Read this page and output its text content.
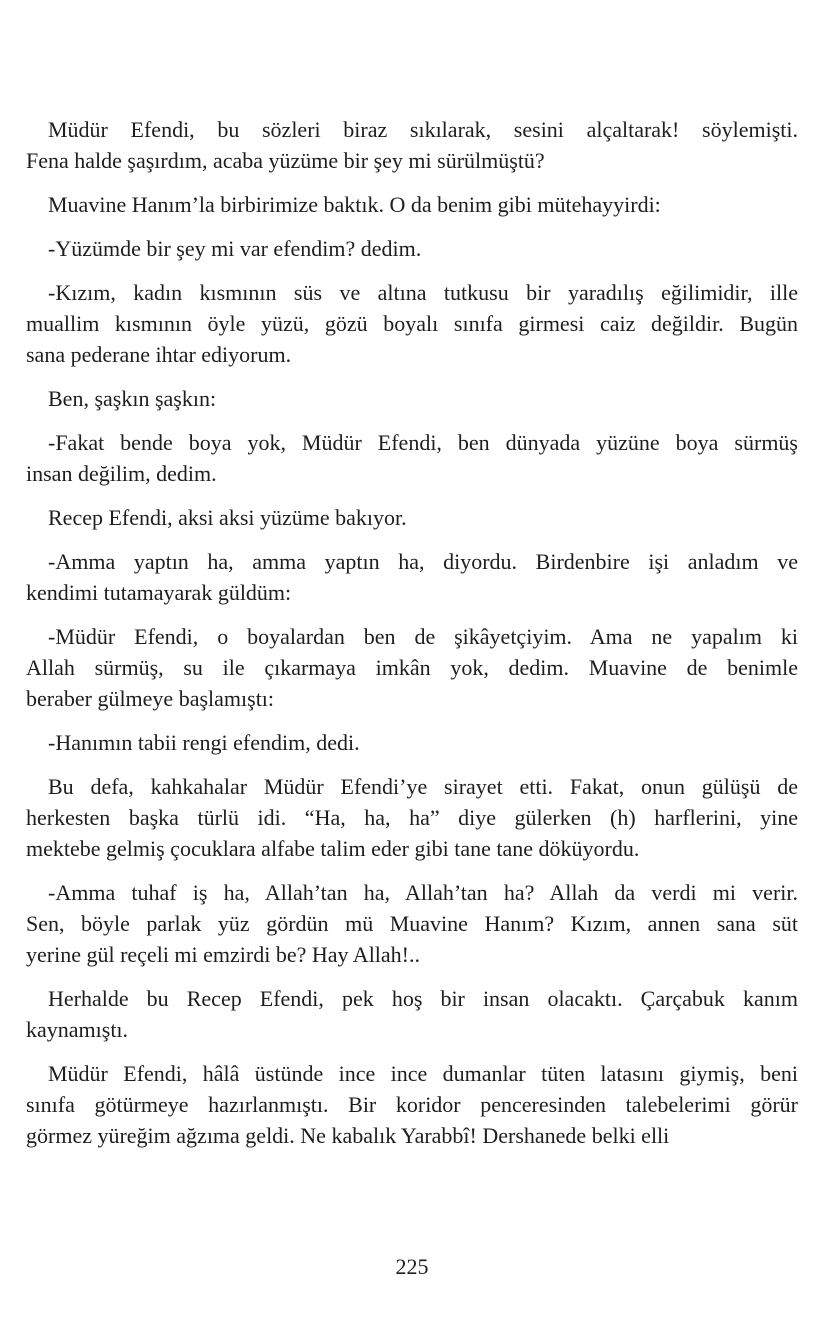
Müdür Efendi, bu sözleri biraz sıkılarak, sesini alçaltarak! söylemişti.
Fena halde şaşırdım, acaba yüzüme bir şey mi sürülmüştü?
Muavine Hanım’la birbirimize baktık. O da benim gibi mütehayyirdi:
-Yüzümde bir şey mi var efendim? dedim.
-Kızım, kadın kısmının süs ve altına tutkusu bir yaradılış eğilimidir, ille
muallim kısmının öyle yüzü, gözü boyalı sınıfa girmesi caiz değildir. Bugün
sana pederane ihtar ediyorum.
Ben, şaşkın şaşkın:
-Fakat bende boya yok, Müdür Efendi, ben dünyada yüzüne boya sürmüş
insan değilim, dedim.
Recep Efendi, aksi aksi yüzüme bakıyor.
-Amma yaptın ha, amma yaptın ha, diyordu. Birdenbire işi anladım ve
kendimi tutamayarak güldüm:
-Müdür Efendi, o boyalardan ben de şikâyetçiyim. Ama ne yapalım ki
Allah sürmüş, su ile çıkarmaya imkân yok, dedim. Muavine de benimle
beraber gülmeye başlamıştı:
-Hanımın tabii rengi efendim, dedi.
Bu defa, kahkahalar Müdür Efendi’ye sirayet etti. Fakat, onun gülüşü de
herkesten başka türlü idi. “Ha, ha, ha” diye gülerken (h) harflerini, yine
mektebe gelmiş çocuklara alfabe talim eder gibi tane tane döküyordu.
-Amma tuhaf iş ha, Allah’tan ha, Allah’tan ha? Allah da verdi mi verir.
Sen, böyle parlak yüz gördün mü Muavine Hanım? Kızım, annen sana süt
yerine gül reçeli mi emzirdi be? Hay Allah!..
Herhalde bu Recep Efendi, pek hoş bir insan olacaktı. Çarçabuk kanım
kaynamıştı.
Müdür Efendi, hâlâ üstünde ince ince dumanlar tüten latasını giymiş, beni
sınıfa götürmeye hazırlanmıştı. Bir koridor penceresinden talebelerimi görür
görmez yüreğim ağzıma geldi. Ne kabalık Yarabbî! Dershanede belki elli
225
